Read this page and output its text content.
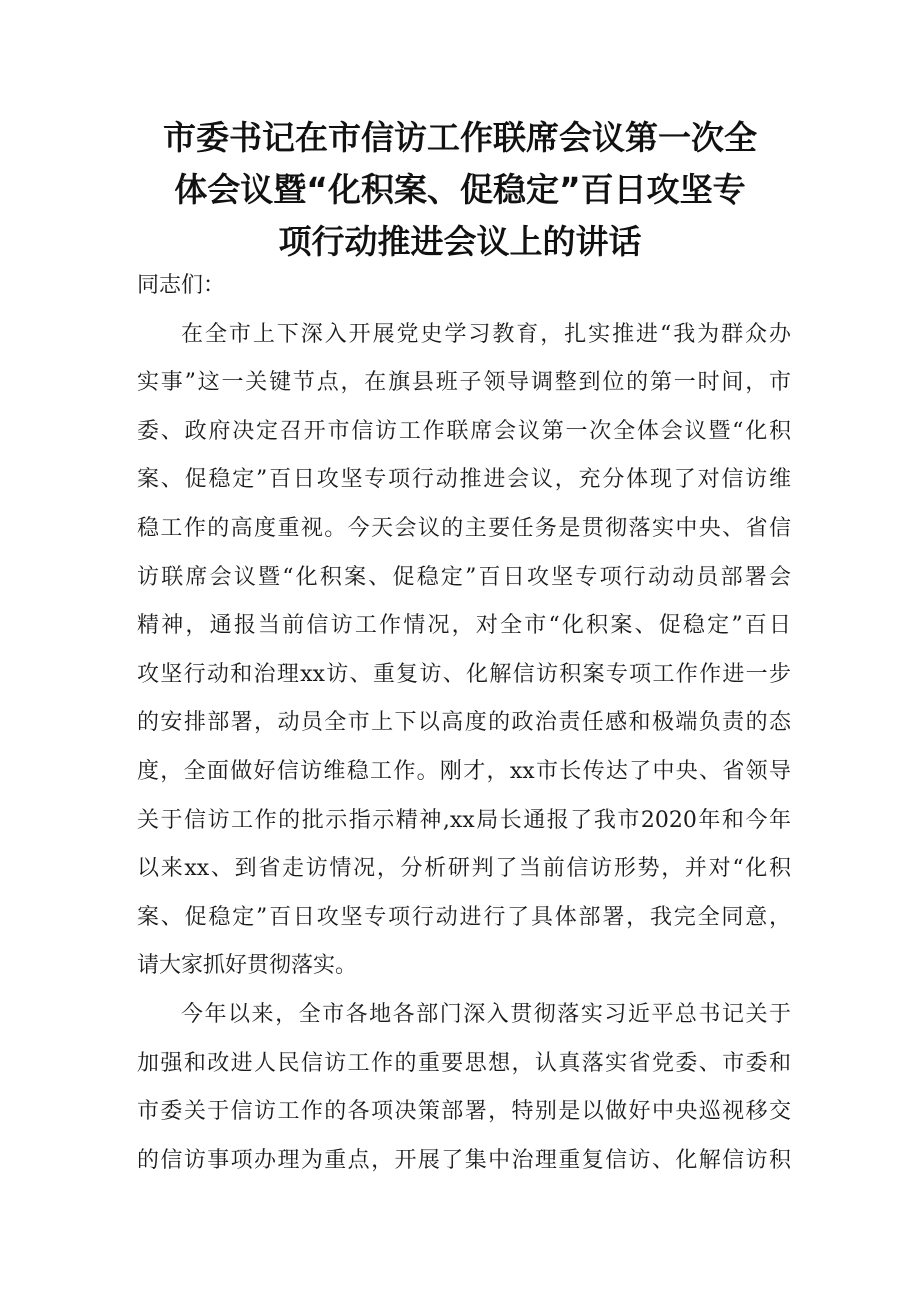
市委书记在市信访工作联席会议第一次全
体会议暨“化积案、促稳定”百日攻坚专
项行动推进会议上的讲话
同志们：
在全市上下深入开展党史学习教育，扎实推进“我为群众办
实事”这一关键节点，在旗县班子领导调整到位的第一时间，市
委、政府决定召开市信访工作联席会议第一次全体会议暨“化积
案、促稳定”百日攻坚专项行动推进会议，充分体现了对信访维
稳工作的高度重视。今天会议的主要任务是贯彻落实中央、省信
访联席会议暨“化积案、促稳定”百日攻坚专项行动动员部署会
精神，通报当前信访工作情况，对全市“化积案、促稳定”百日
攻坚行动和治理xx访、重复访、化解信访积案专项工作作进一步
的安排部署，动员全市上下以高度的政治责任感和极端负责的态
度，全面做好信访维稳工作。刚才，xx市长传达了中央、省领导
关于信访工作的批示指示精神,xx局长通报了我市2020年和今年
以来xx、到省走访情况，分析研判了当前信访形势，并对“化积
案、促稳定”百日攻坚专项行动进行了具体部署，我完全同意，
请大家抓好贯彻落实。
今年以来，全市各地各部门深入贯彻落实习近平总书记关于
加强和改进人民信访工作的重要思想，认真落实省党委、市委和
市委关于信访工作的各项决策部署，特别是以做好中央巡视移交
的信访事项办理为重点，开展了集中治理重复信访、化解信访积
